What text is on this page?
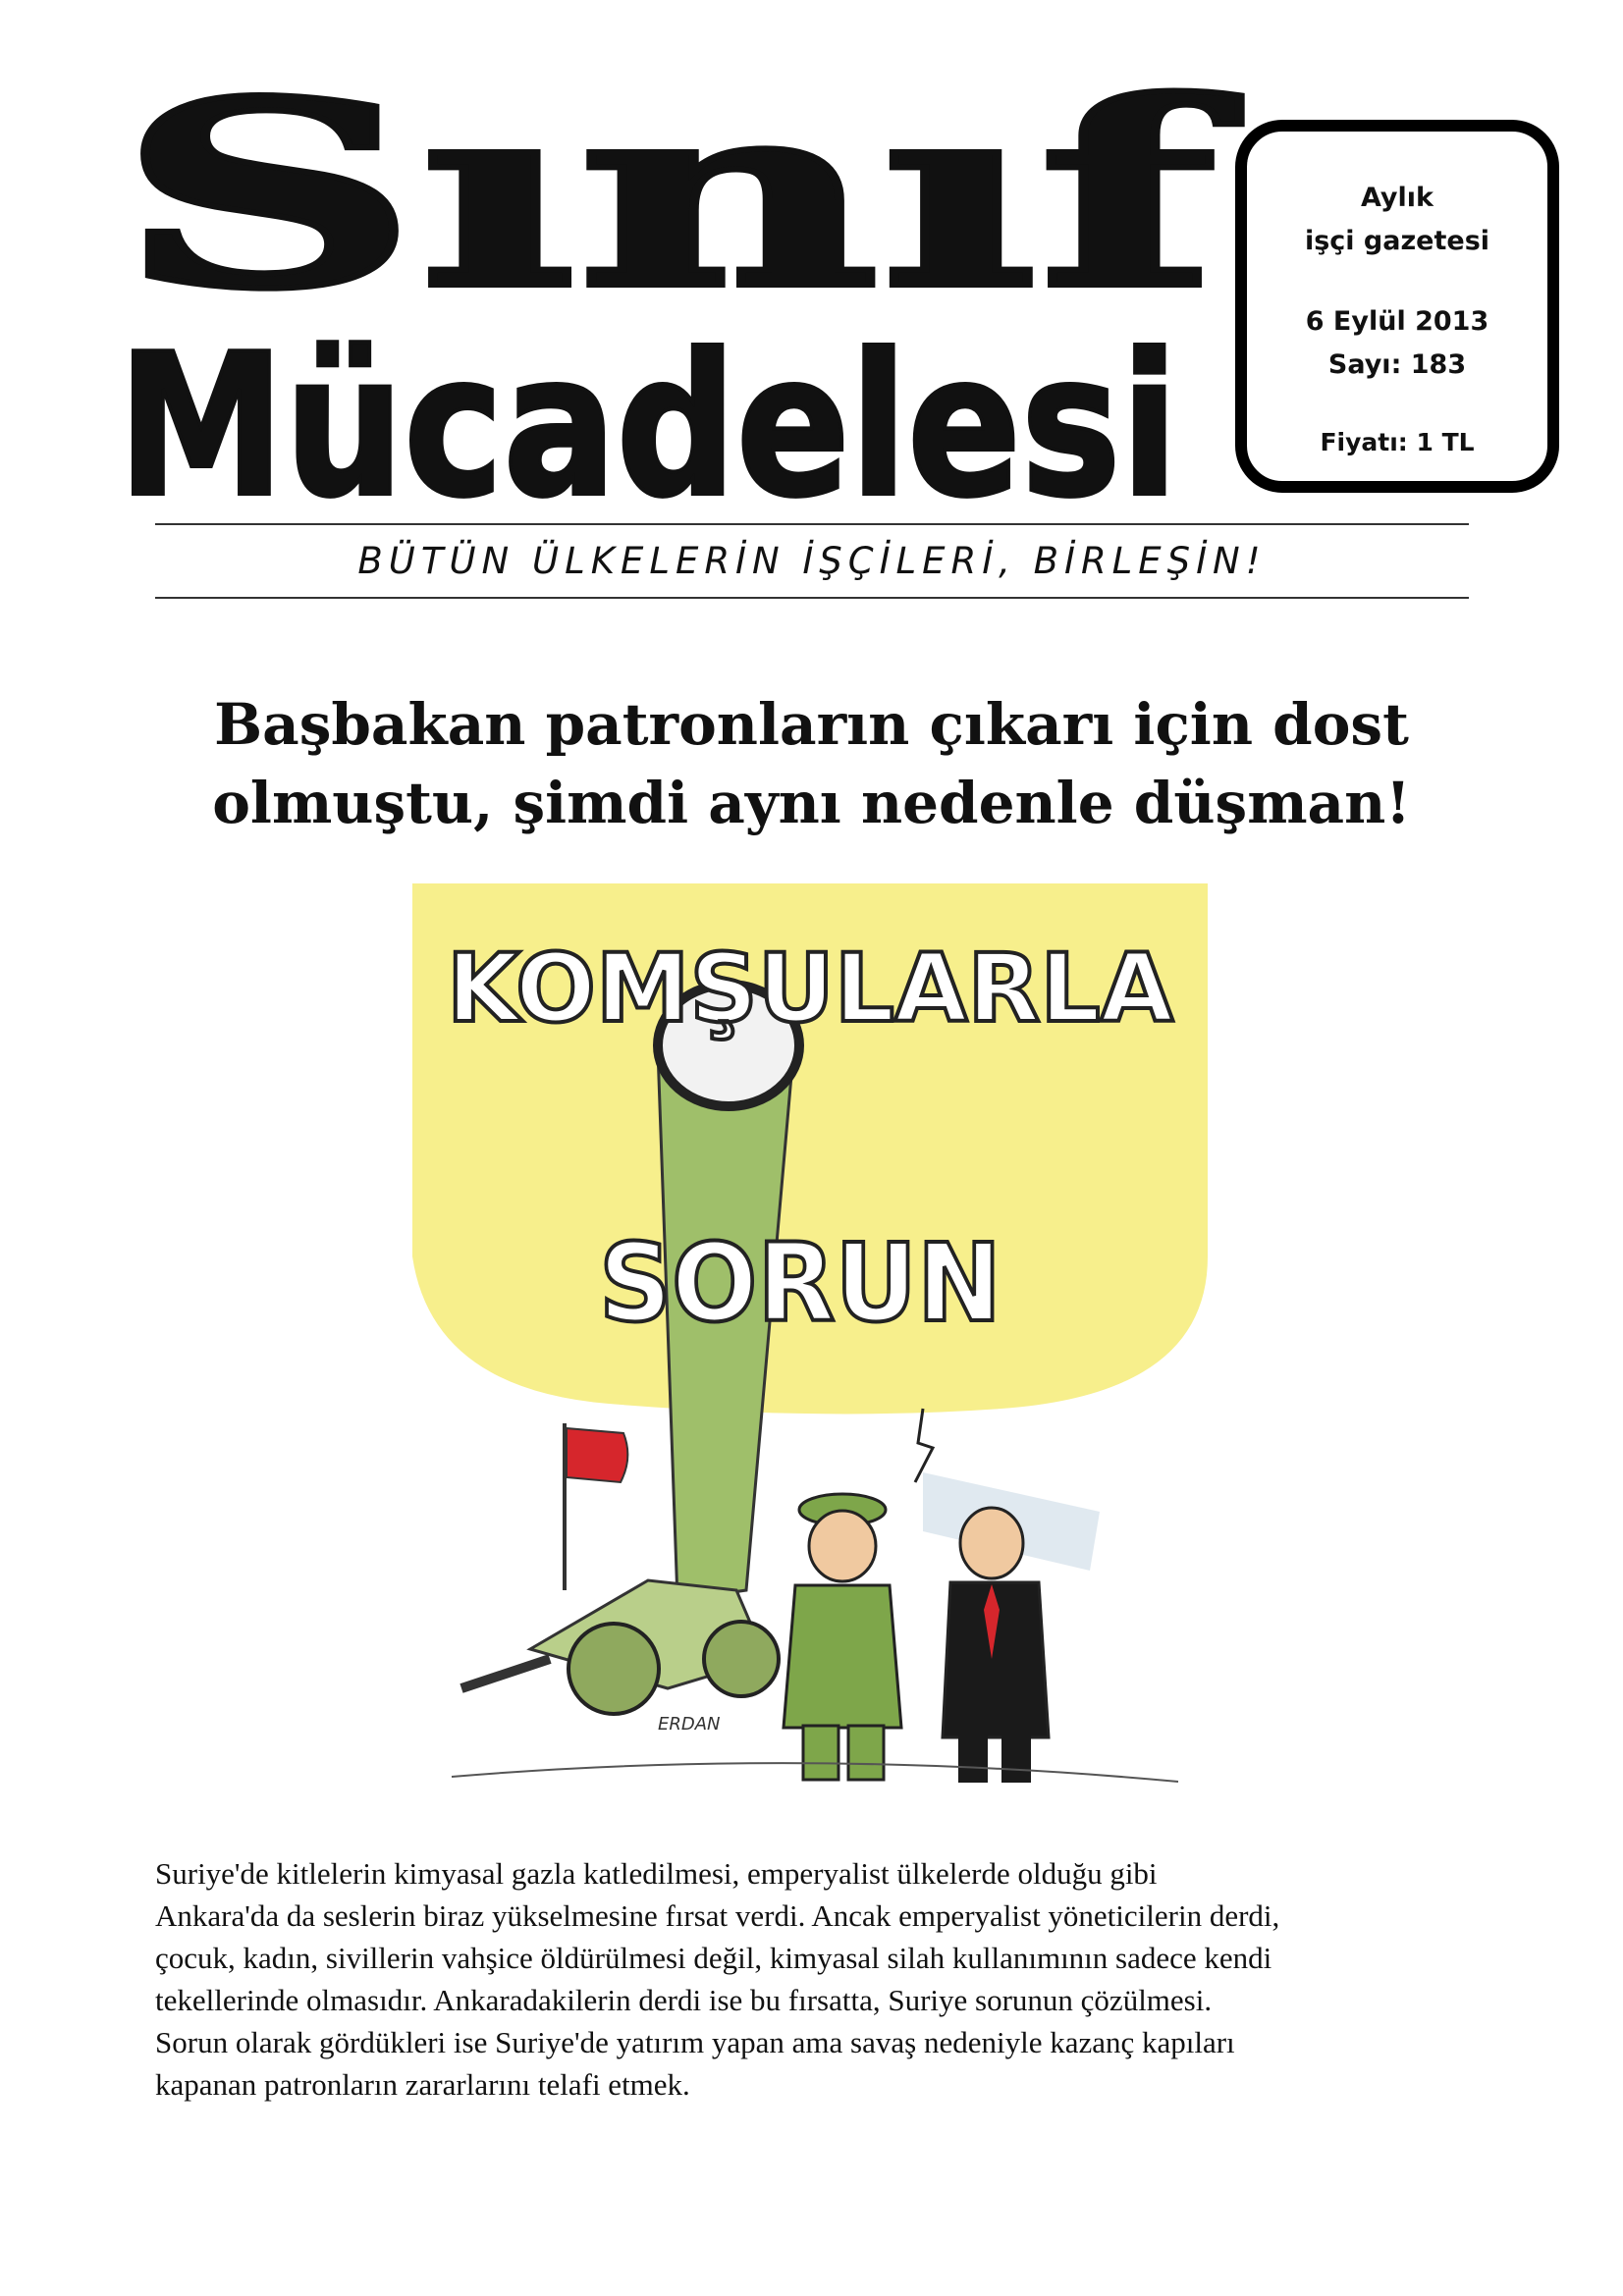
Sınıf
Mücadelesi
Aylık
işçi gazetesi
6 Eylül 2013
Sayı: 183
Fiyatı: 1 TL
BÜTÜN ÜLKELERİN İŞÇİLERİ, BİRLEŞİN!
Başbakan patronların çıkarı için dost
olmuştu, şimdi aynı nedenle düşman!
KOMŞULARLA
SORUN
ERDAN
Suriye'de kitlelerin kimyasal gazla katledilmesi, emperyalist ülkelerde olduğu gibi
Ankara'da da seslerin biraz yükselmesine fırsat verdi. Ancak emperyalist yöneticilerin derdi,
çocuk, kadın, sivillerin vahşice öldürülmesi değil, kimyasal silah kullanımının sadece kendi
tekellerinde olmasıdır. Ankaradakilerin derdi ise bu fırsatta, Suriye sorunun çözülmesi.
Sorun olarak gördükleri ise Suriye'de yatırım yapan ama savaş nedeniyle kazanç kapıları
kapanan patronların zararlarını telafi etmek.
